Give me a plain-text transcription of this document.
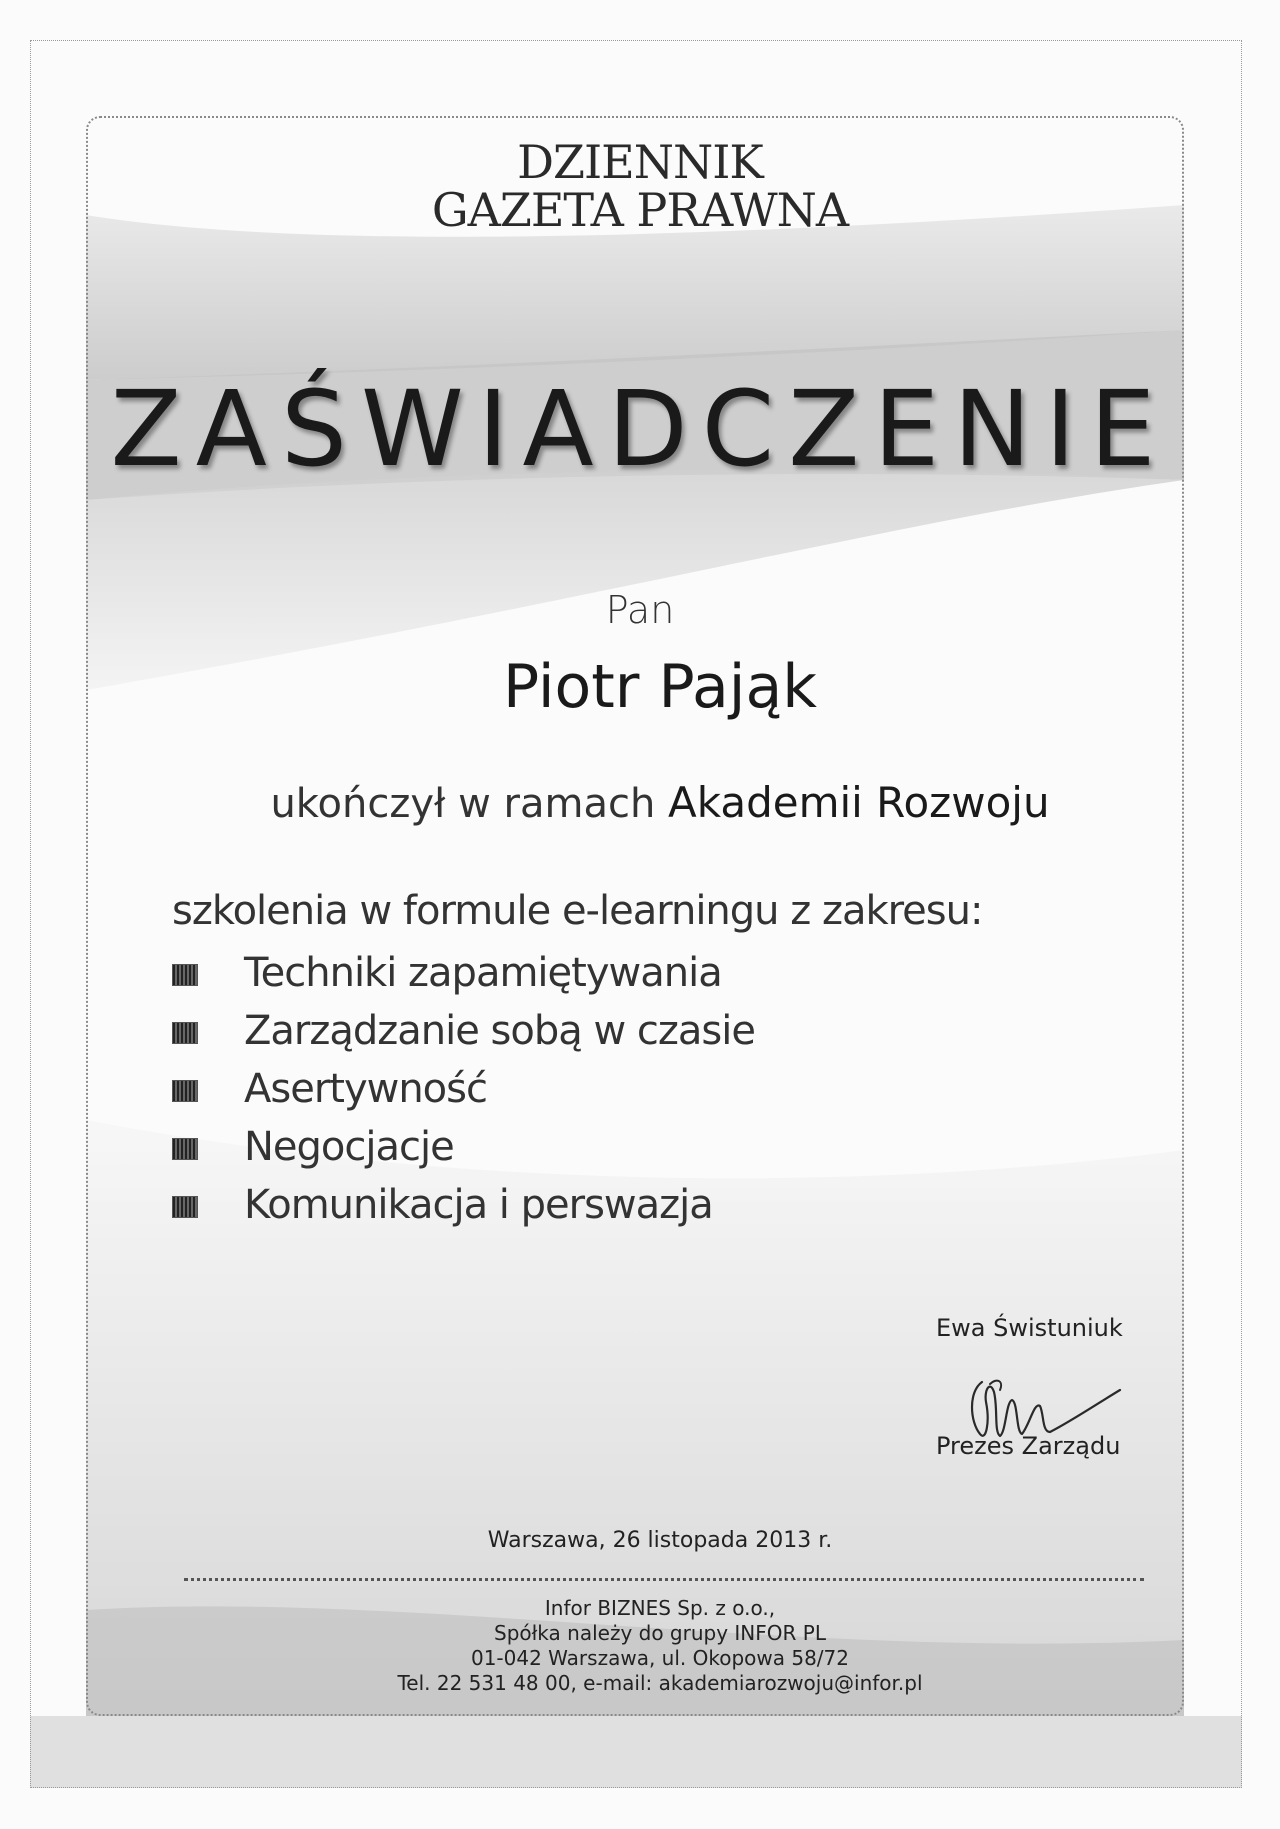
DZIENNIK
GAZETA PRAWNA
ZAŚWIADCZENIE
Pan
Piotr Pająk
ukończył w ramach Akademii Rozwoju
szkolenia w formule e-learningu z zakresu:
Techniki zapamiętywania
Zarządzanie sobą w czasie
Asertywność
Negocjacje
Komunikacja i perswazja
Ewa Świstuniuk
Prezes Zarządu
Warszawa, 26 listopada 2013 r.
Infor BIZNES Sp. z o.o.,
Spółka należy do grupy INFOR PL
01-042 Warszawa, ul. Okopowa 58/72
Tel. 22 531 48 00, e-mail: akademiarozwoju@infor.pl
